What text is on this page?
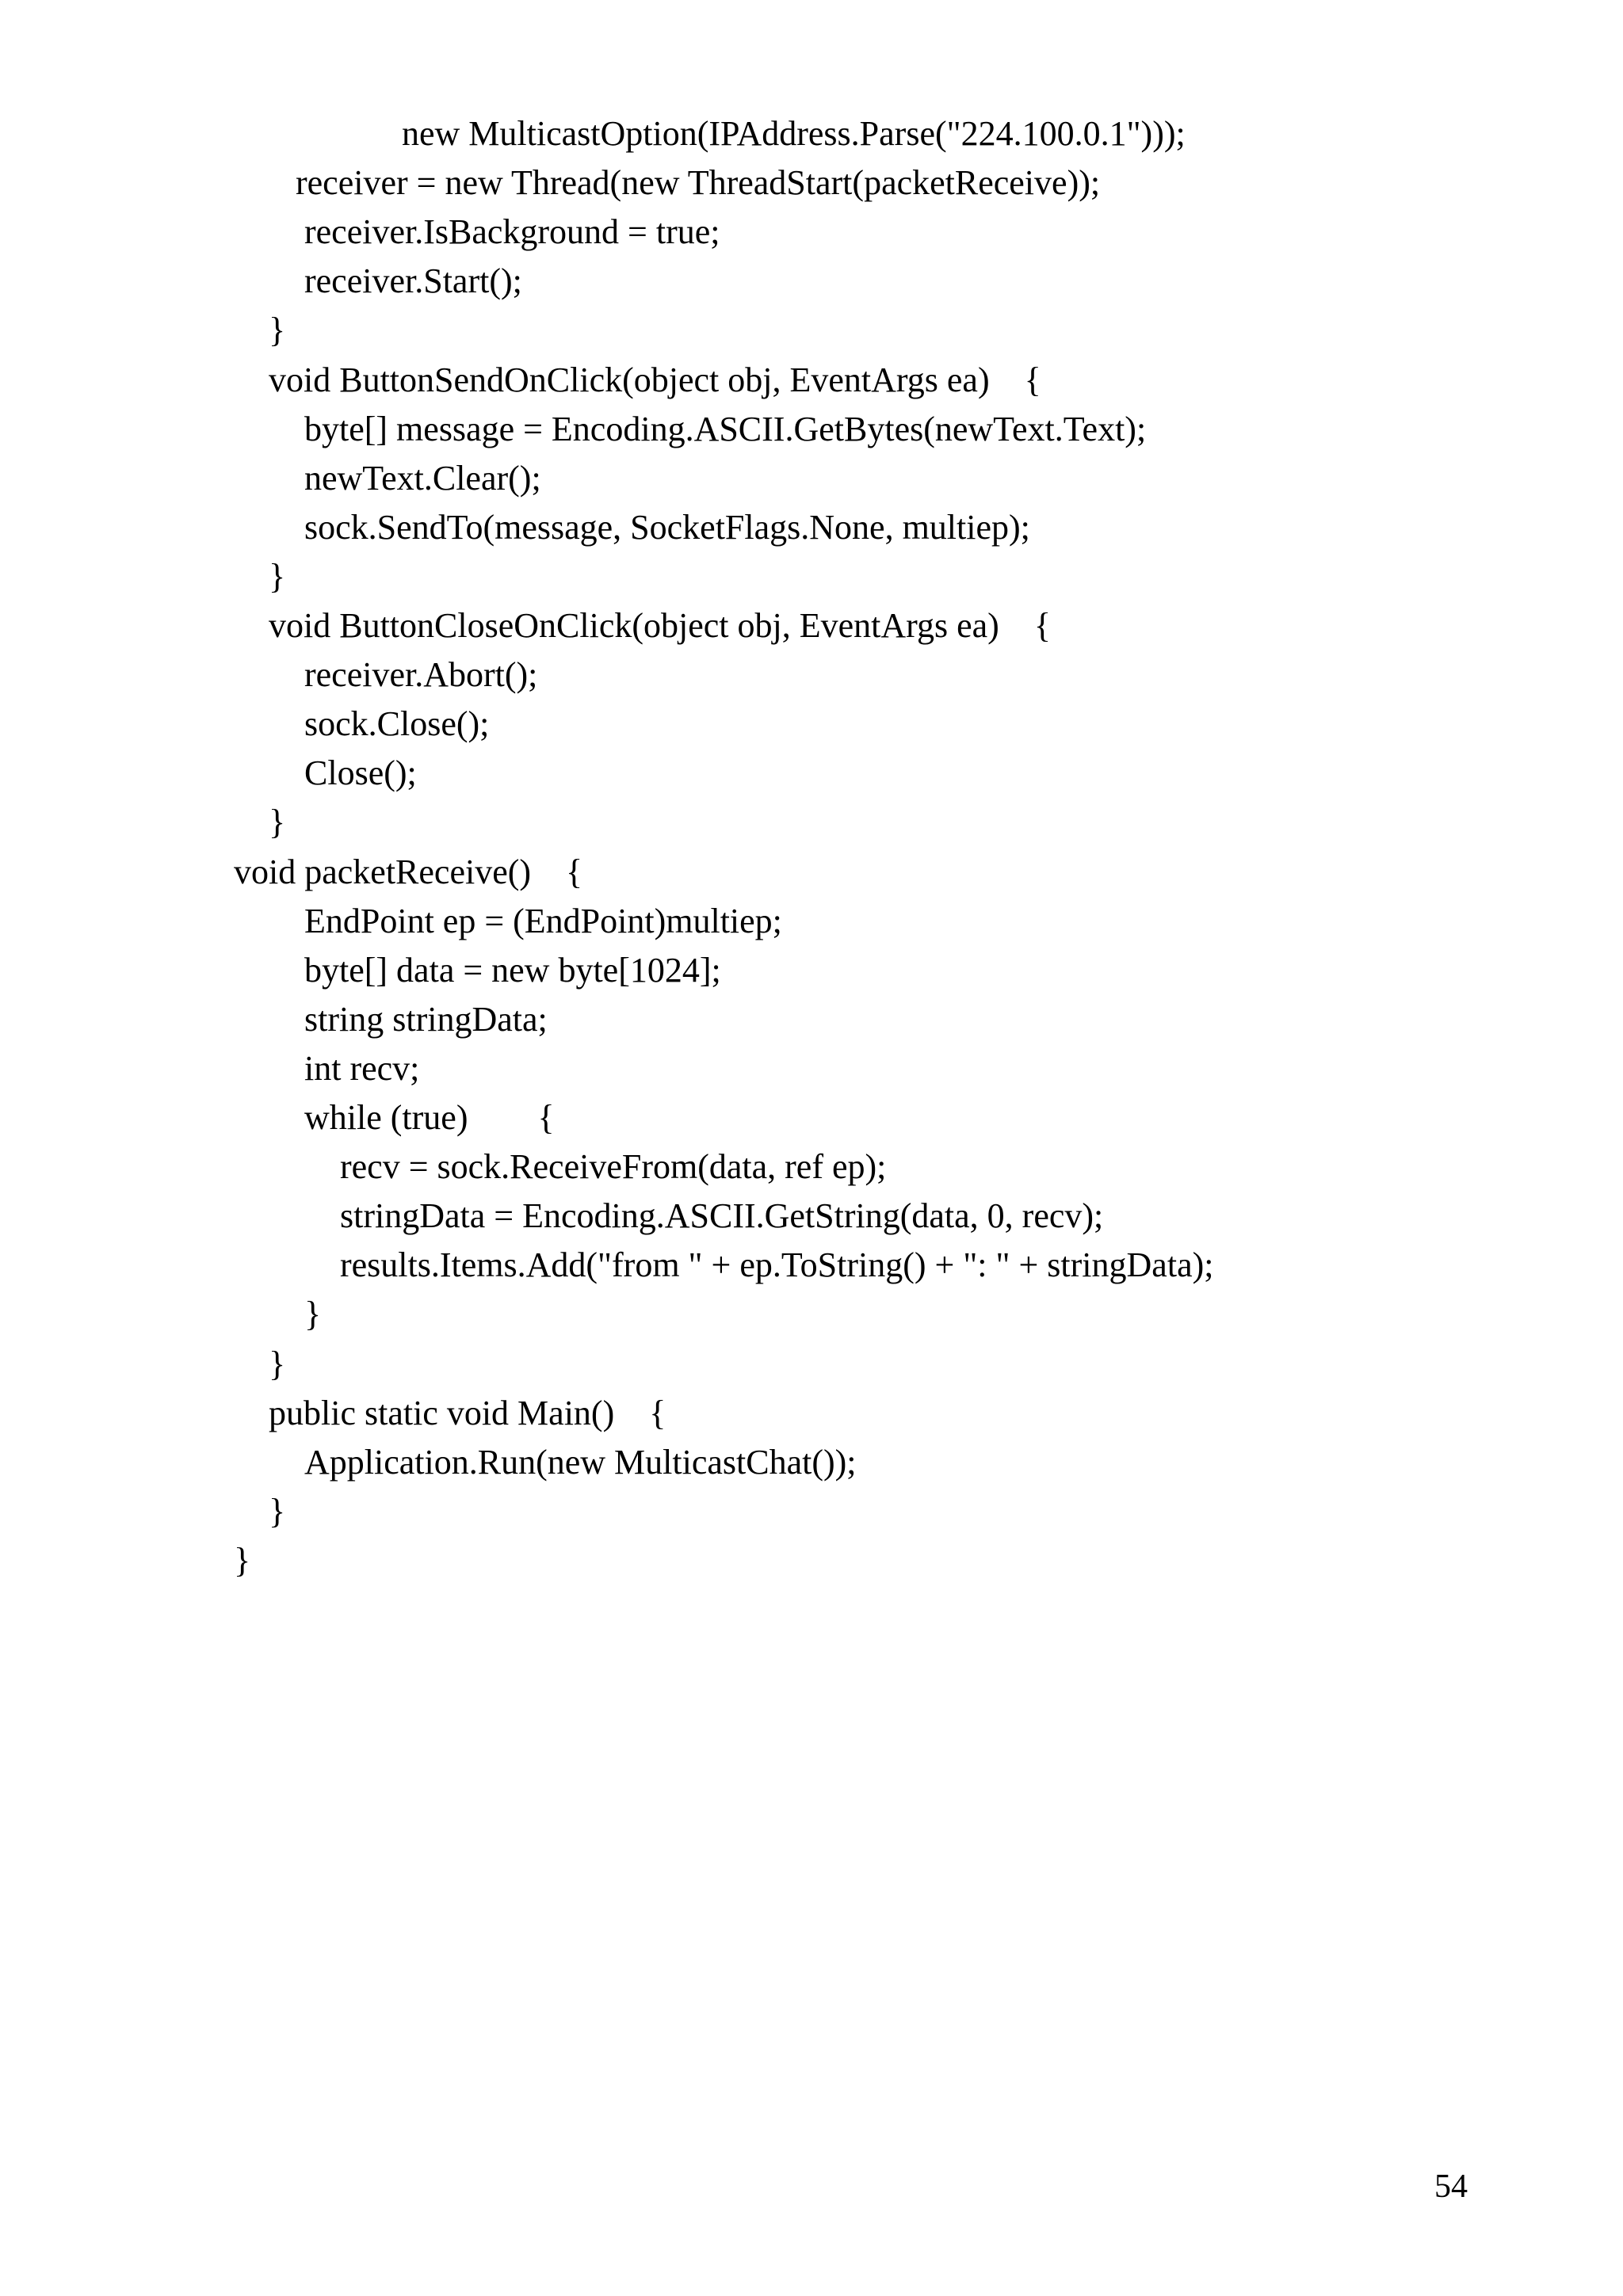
new MulticastOption(IPAddress.Parse("224.100.0.1")));
receiver = new Thread(new ThreadStart(packetReceive));
receiver.IsBackground = true;
receiver.Start();
}
void ButtonSendOnClick(object obj, EventArgs ea)    {
byte[] message = Encoding.ASCII.GetBytes(newText.Text);
newText.Clear();
sock.SendTo(message, SocketFlags.None, multiep);
}
void ButtonCloseOnClick(object obj, EventArgs ea)    {
receiver.Abort();
sock.Close();
Close();
}
void packetReceive()    {
EndPoint ep = (EndPoint)multiep;
byte[] data = new byte[1024];
string stringData;
int recv;
while (true)        {
recv = sock.ReceiveFrom(data, ref ep);
stringData = Encoding.ASCII.GetString(data, 0, recv);
results.Items.Add("from " + ep.ToString() + ": " + stringData);
}
}
public static void Main()    {
Application.Run(new MulticastChat());
}
}
54
